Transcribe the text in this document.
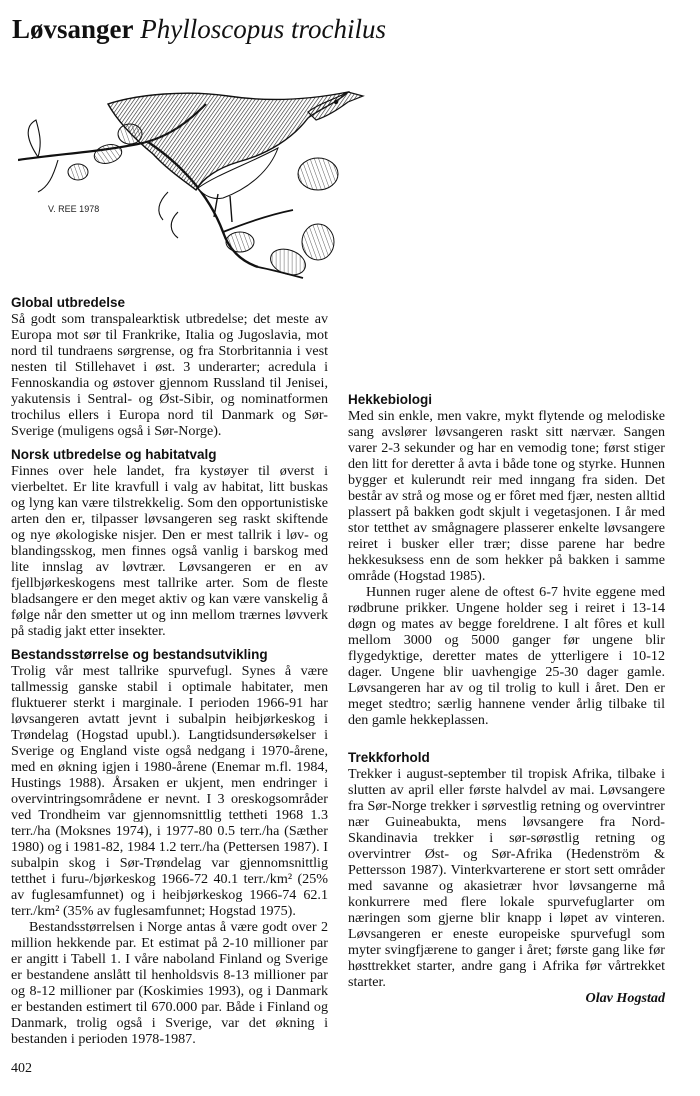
Løvsanger Phylloscopus trochilus
V. REE 1978
Global utbredelse

Så godt som transpalearktisk utbredelse; det meste av Europa mot sør til Frankrike, Italia og Jugoslavia, mot nord til tundraens sørgrense, og fra Storbritannia i vest nesten til Stillehavet i øst. 3 underarter; acredula i Fennoskandia og østover gjennom Russland til Jenisei, yakutensis i Sentral- og Øst-Sibir, og nominatformen trochilus ellers i Europa nord til Danmark og Sør-Sverige (muligens også i Sør-Norge).

Norsk utbredelse og habitatvalg

Finnes over hele landet, fra kystøyer til øverst i vierbeltet. Er lite kravfull i valg av habitat, litt buskas og lyng kan være tilstrekkelig. Som den opportunistiske arten den er, tilpasser løvsangeren seg raskt skiftende og nye økologiske nisjer. Den er mest tallrik i løv- og blandingsskog, men finnes også vanlig i barskog med lite innslag av løvtrær. Løvsangeren er en av fjellbjørkeskogens mest tallrike arter. Som de fleste bladsangere er den meget aktiv og kan være vanskelig å følge når den smetter ut og inn mellom trærnes løvverk på stadig jakt etter insekter.

Bestandsstørrelse og bestandsutvikling

Trolig vår mest tallrike spurvefugl. Synes å være tallmessig ganske stabil i optimale habitater, men fluktuerer sterkt i marginale. I perioden 1966-91 har løvsangeren avtatt jevnt i subalpin heibjørkeskog i Trøndelag (Hogstad upubl.). Langtidsundersøkelser i Sverige og England viste også nedgang i 1970-årene, med en økning igjen i 1980-årene (Enemar m.fl. 1984, Hustings 1988). Årsaken er ukjent, men endringer i overvintringsområdene er nevnt. I 3 oreskogsområder ved Trondheim var gjennomsnittlig tettheti 1968 1.3 terr./ha (Moksnes 1974), i 1977-80 0.5 terr./ha (Sæther 1980) og i 1981-82, 1984 1.2 terr./ha (Pettersen 1987). I subalpin skog i Sør-Trøndelag var gjennomsnittlig tetthet i furu-/bjørkeskog 1966-72 40.1 terr./km² (25% av fuglesamfunnet) og i heibjørkeskog 1966-74 62.1 terr./km² (35% av fuglesamfunnet; Hogstad 1975).

Bestandsstørrelsen i Norge antas å være godt over 2 million hekkende par. Et estimat på 2-10 millioner par er angitt i Tabell 1. I våre naboland Finland og Sverige er bestandene anslått til henholdsvis 8-13 millioner par og 8-12 millioner par (Koskimies 1993), og i Danmark er bestanden estimert til 670.000 par. Både i Finland og Danmark, trolig også i Sverige, var det økning i bestanden i perioden 1978-1987.

Hekkebiologi

Med sin enkle, men vakre, mykt flytende og melodiske sang avslører løvsangeren raskt sitt nærvær. Sangen varer 2-3 sekunder og har en vemodig tone; først stiger den litt for deretter å avta i både tone og styrke. Hunnen bygger et kulerundt reir med inngang fra siden. Det består av strå og mose og er fôret med fjær, nesten alltid plassert på bakken godt skjult i vegetasjonen. I år med stor tetthet av smågnagere plasserer enkelte løvsangere reiret i busker eller trær; disse parene har bedre hekkesuksess enn de som hekker på bakken i samme område (Hogstad 1985).

Hunnen ruger alene de oftest 6-7 hvite eggene med rødbrune prikker. Ungene holder seg i reiret i 13-14 døgn og mates av begge foreldrene. I alt fôres et kull mellom 3000 og 5000 ganger før ungene blir flygedyktige, deretter mates de ytterligere i 10-12 dager. Ungene blir uavhengige 25-30 dager gamle. Løvsangeren har av og til trolig to kull i året. Den er meget stedtro; særlig hannene vender årlig tilbake til den gamle hekkeplassen.

Trekkforhold

Trekker i august-september til tropisk Afrika, tilbake i slutten av april eller første halvdel av mai. Løvsangere fra Sør-Norge trekker i sørvestlig retning og overvintrer nær Guineabukta, mens løvsangere fra Nord-Skandinavia trekker i sør-sørøstlig retning og overvintrer Øst- og Sør-Afrika (Hedenström & Pettersson 1987). Vinterkvarterene er stort sett områder med savanne og akasietrær hvor løvsangerne må konkurrere med flere lokale spurvefuglarter om næringen som gjerne blir knapp i løpet av vinteren. Løvsangeren er eneste europeiske spurvefugl som myter svingfjærene to ganger i året; første gang like før høsttrekket starter, andre gang i Afrika før vårtrekket starter.

Olav Hogstad

402
